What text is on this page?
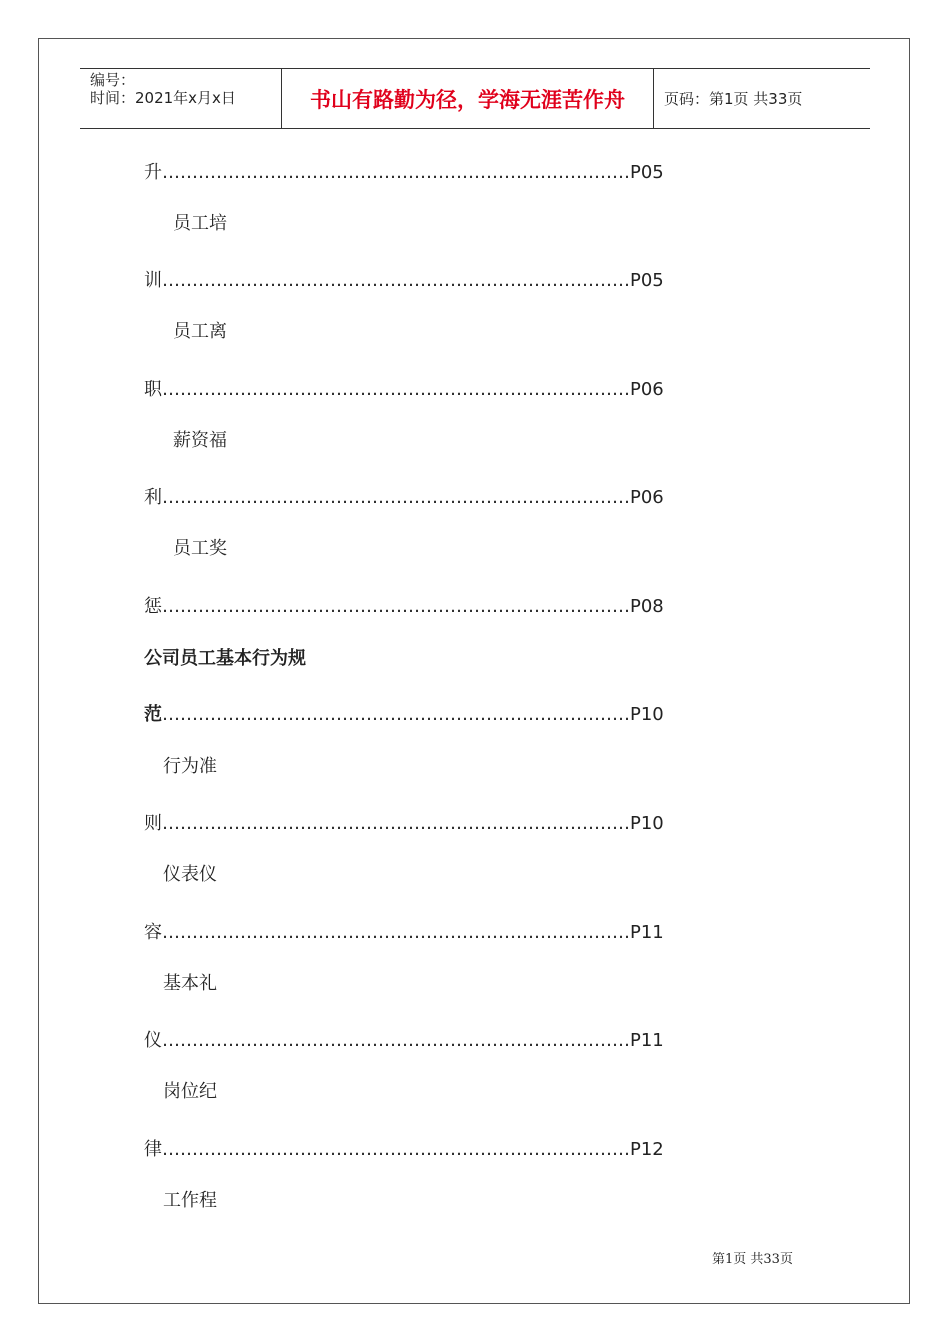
编号：
时间：2021年x月x日	书山有路勤为径，学海无涯苦作舟	页码：第1页 共33页
升……………………………………………………………………P05
员工培
训……………………………………………………………………P05
员工离
职……………………………………………………………………P06
薪资福
利……………………………………………………………………P06
员工奖
惩……………………………………………………………………P08
公司员工基本行为规
范……………………………………………………………………P10
行为准
则……………………………………………………………………P10
仪表仪
容……………………………………………………………………P11
基本礼
仪……………………………………………………………………P11
岗位纪
律……………………………………………………………………P12
工作程
第1页 共33页
